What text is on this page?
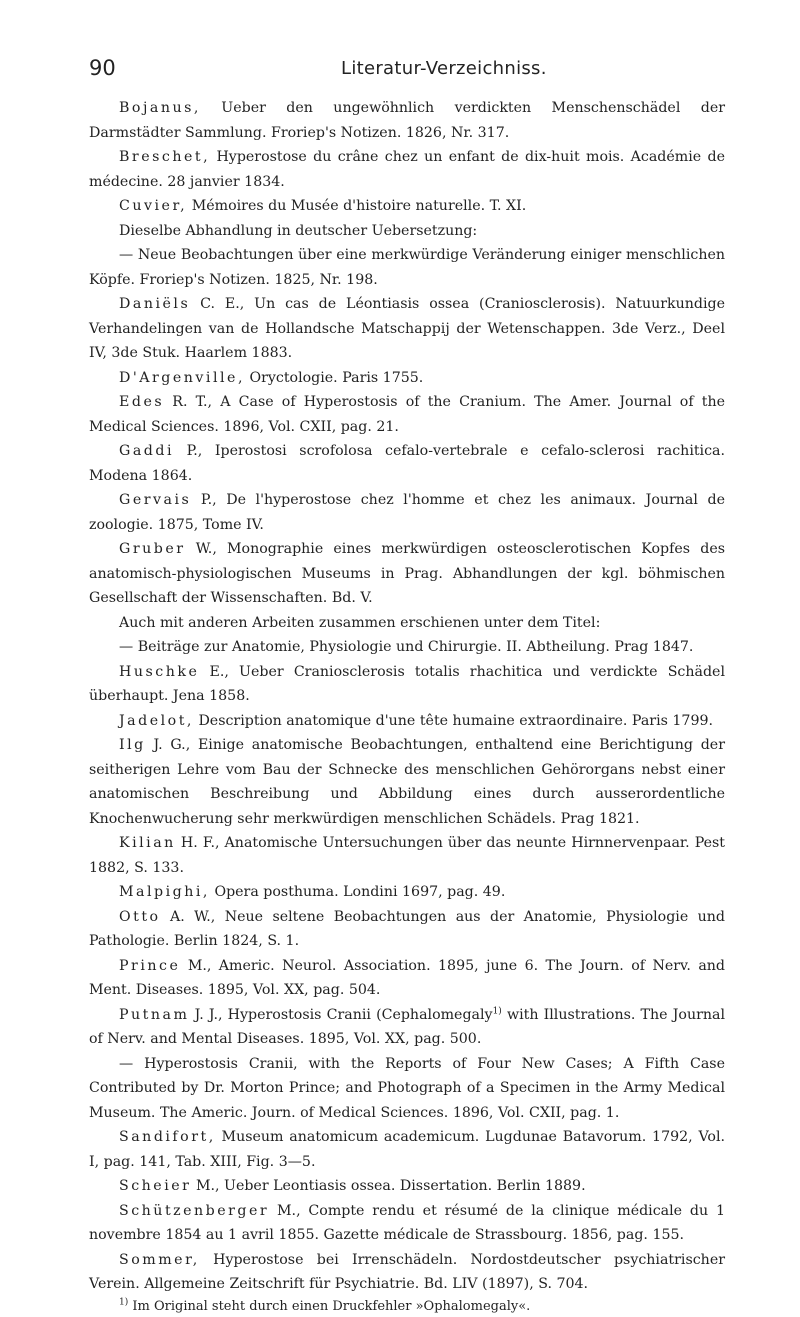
90	Literatur-Verzeichniss.

Bojanus, Ueber den ungewöhnlich verdickten Menschenschädel der Darmstädter Sammlung. Froriep's Notizen. 1826, Nr. 317.

Breschet, Hyperostose du crâne chez un enfant de dix-huit mois. Académie de médecine. 28 janvier 1834.

Cuvier, Mémoires du Musée d'histoire naturelle. T. XI.

Dieselbe Abhandlung in deutscher Uebersetzung:

— Neue Beobachtungen über eine merkwürdige Veränderung einiger menschlichen Köpfe. Froriep's Notizen. 1825, Nr. 198.

Daniëls C. E., Un cas de Léontiasis ossea (Craniosclerosis). Natuurkundige Verhandelingen van de Hollandsche Matschappij der Wetenschappen. 3de Verz., Deel IV, 3de Stuk. Haarlem 1883.

D'Argenville, Oryctologie. Paris 1755.

Edes R. T., A Case of Hyperostosis of the Cranium. The Amer. Journal of the Medical Sciences. 1896, Vol. CXII, pag. 21.

Gaddi P., Iperostosi scrofolosa cefalo-vertebrale e cefalo-sclerosi rachitica. Modena 1864.

Gervais P., De l'hyperostose chez l'homme et chez les animaux. Journal de zoologie. 1875, Tome IV.

Gruber W., Monographie eines merkwürdigen osteosclerotischen Kopfes des anatomisch-physiologischen Museums in Prag. Abhandlungen der kgl. böhmischen Gesellschaft der Wissenschaften. Bd. V.

Auch mit anderen Arbeiten zusammen erschienen unter dem Titel:

— Beiträge zur Anatomie, Physiologie und Chirurgie. II. Abtheilung. Prag 1847.

Huschke E., Ueber Craniosclerosis totalis rhachitica und verdickte Schädel überhaupt. Jena 1858.

Jadelot, Description anatomique d'une tête humaine extraordinaire. Paris 1799.

Ilg J. G., Einige anatomische Beobachtungen, enthaltend eine Berichtigung der seitherigen Lehre vom Bau der Schnecke des menschlichen Gehörorgans nebst einer anatomischen Beschreibung und Abbildung eines durch ausserordentliche Knochenwucherung sehr merkwürdigen menschlichen Schädels. Prag 1821.

Kilian H. F., Anatomische Untersuchungen über das neunte Hirnnervenpaar. Pest 1882, S. 133.

Malpighi, Opera posthuma. Londini 1697, pag. 49.

Otto A. W., Neue seltene Beobachtungen aus der Anatomie, Physiologie und Pathologie. Berlin 1824, S. 1.

Prince M., Americ. Neurol. Association. 1895, june 6. The Journ. of Nerv. and Ment. Diseases. 1895, Vol. XX, pag. 504.

Putnam J. J., Hyperostosis Cranii (Cephalomegaly$^{1)}$ with Illustrations. The Journal of Nerv. and Mental Diseases. 1895, Vol. XX, pag. 500.

— Hyperostosis Cranii, with the Reports of Four New Cases; A Fifth Case Contributed by Dr. Morton Prince; and Photograph of a Specimen in the Army Medical Museum. The Americ. Journ. of Medical Sciences. 1896, Vol. CXII, pag. 1.

Sandifort, Museum anatomicum academicum. Lugdunae Batavorum. 1792, Vol. I, pag. 141, Tab. XIII, Fig. 3—5.

Scheier M., Ueber Leontiasis ossea. Dissertation. Berlin 1889.

Schützenberger M., Compte rendu et résumé de la clinique médicale du 1 novembre 1854 au 1 avril 1855. Gazette médicale de Strassbourg. 1856, pag. 155.

Sommer, Hyperostose bei Irrenschädeln. Nordostdeutscher psychiatrischer Verein. Allgemeine Zeitschrift für Psychiatrie. Bd. LIV (1897), S. 704.

$^{1)}$ Im Original steht durch einen Druckfehler »Ophalomegaly«.
